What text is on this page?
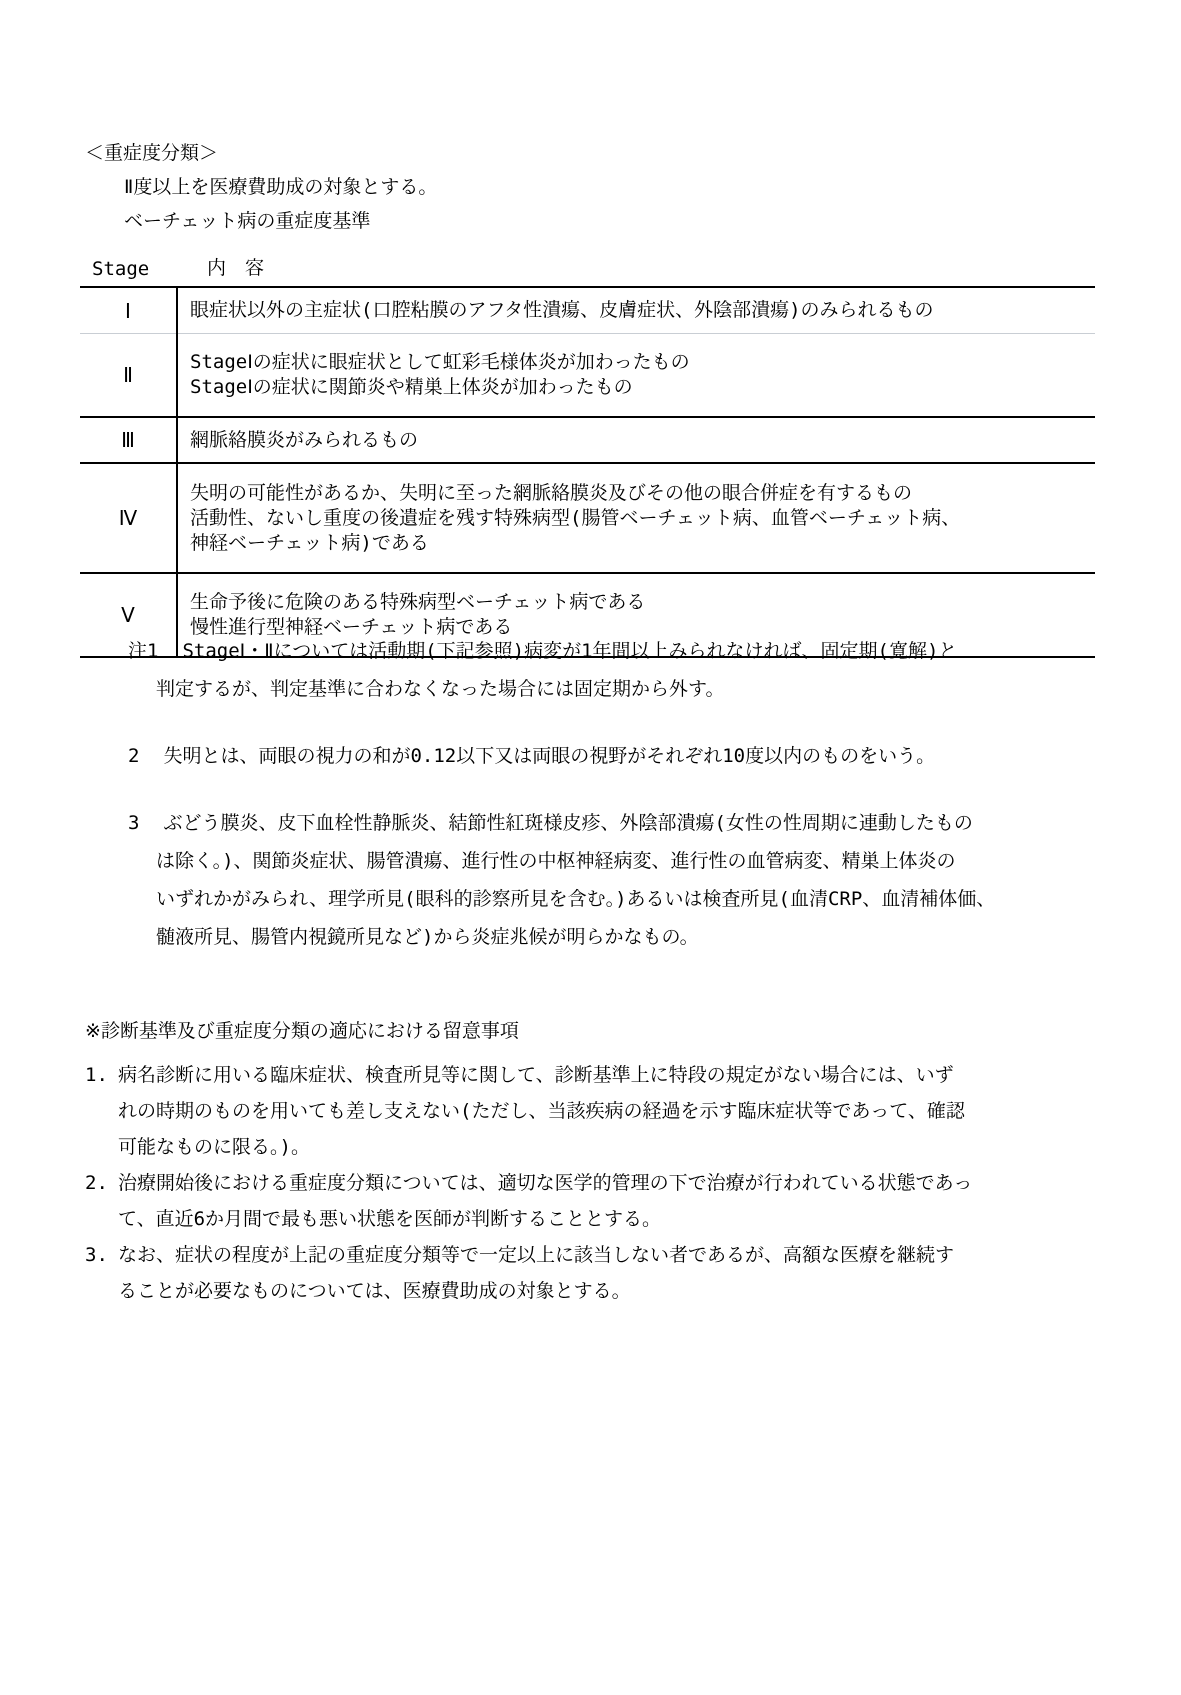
＜重症度分類＞
Ⅱ度以上を医療費助成の対象とする。
ベーチェット病の重症度基準
Stage	内　容
Ⅰ	眼症状以外の主症状(口腔粘膜のアフタ性潰瘍、皮膚症状、外陰部潰瘍)のみられるもの

Ⅱ	StageⅠの症状に眼症状として虹彩毛様体炎が加わったもの
StageⅠの症状に関節炎や精巣上体炎が加わったもの

Ⅲ	網脈絡膜炎がみられるもの

Ⅳ	失明の可能性があるか、失明に至った網脈絡膜炎及びその他の眼合併症を有するもの
活動性、ないし重度の後遺症を残す特殊病型(腸管ベーチェット病、血管ベーチェット病、
神経ベーチェット病)である

Ⅴ	生命予後に危険のある特殊病型ベーチェット病である
慢性進行型神経ベーチェット病である
注1 StageⅠ・Ⅱについては活動期(下記参照)病変が1年間以上みられなければ、固定期(寛解)と
判定するが、判定基準に合わなくなった場合には固定期から外す。
2 失明とは、両眼の視力の和が0.12以下又は両眼の視野がそれぞれ10度以内のものをいう。
3 ぶどう膜炎、皮下血栓性静脈炎、結節性紅斑様皮疹、外陰部潰瘍(女性の性周期に連動したもの
は除く。)、関節炎症状、腸管潰瘍、進行性の中枢神経病変、進行性の血管病変、精巣上体炎の
いずれかがみられ、理学所見(眼科的診察所見を含む。)あるいは検査所見(血清CRP、血清補体価、
髄液所見、腸管内視鏡所見など)から炎症兆候が明らかなもの。
※診断基準及び重症度分類の適応における留意事項
1. 病名診断に用いる臨床症状、検査所見等に関して、診断基準上に特段の規定がない場合には、いず
れの時期のものを用いても差し支えない(ただし、当該疾病の経過を示す臨床症状等であって、確認
可能なものに限る。)。
2. 治療開始後における重症度分類については、適切な医学的管理の下で治療が行われている状態であっ
て、直近6か月間で最も悪い状態を医師が判断することとする。
3. なお、症状の程度が上記の重症度分類等で一定以上に該当しない者であるが、高額な医療を継続す
ることが必要なものについては、医療費助成の対象とする。
